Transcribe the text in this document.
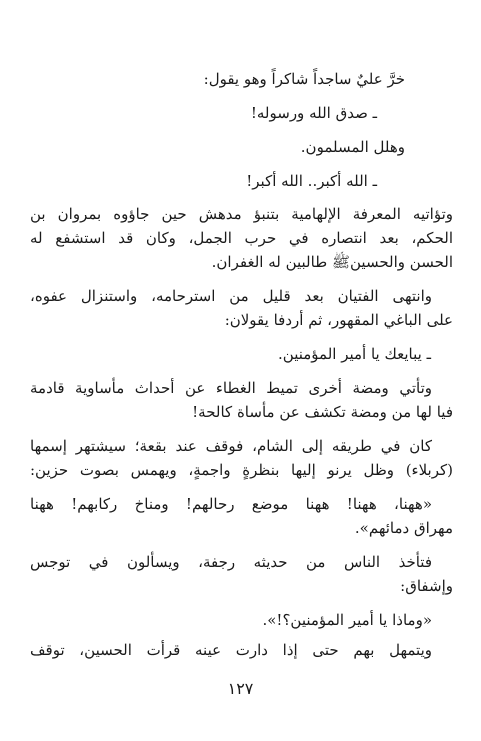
خرَّ عليٌ ساجداً شاكراً وهو يقول:

ـ صدق الله ورسوله!

وهلل المسلمون.

ـ الله أكبر.. الله أكبر!

وتؤاتيه المعرفة الإلهامية بتنبؤ مدهش حين جاؤوه بمروان بن

الحكم، بعد انتصاره في حرب الجمل، وكان قد استشفع له

الحسن والحسينﷺ طالبين له الغفران.

وانتهى الفتيان بعد قليل من استرحامه، واستنزال عفوه،

على الباغي المقهور، ثم أردفا يقولان:

ـ يبايعك يا أمير المؤمنين.

وتأتي ومضة أخرى تميط الغطاء عن أحداث مأساوية قادمة

فيا لها من ومضة تكشف عن مأساة كالحة!

كان في طريقه إلى الشام، فوقف عند بقعة؛ سيشتهر إسمها

(كربلاء) وظل يرنو إليها بنظرةٍ واجمةٍ، ويهمس بصوت حزين:

«ههنا، ههنا! ههنا موضع رحالهم! ومناخ ركابهم! ههنا

مهراق دمائهم».

فتأخذ الناس من حديثه رجفة، ويسألون في توجس

وإشفاق:

«وماذا يا أمير المؤمنين؟!».

ويتمهل بهم حتى إذا دارت عينه قرأت الحسين، توقف

١٢٧
